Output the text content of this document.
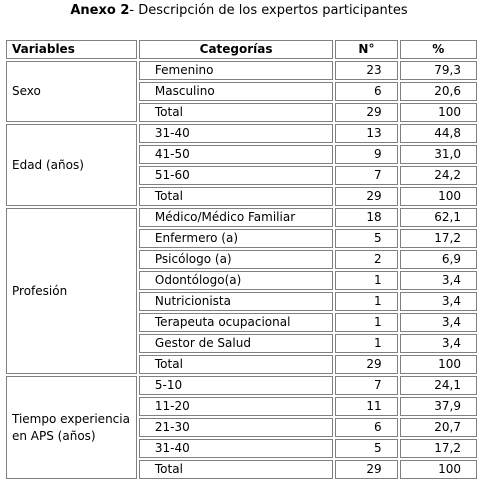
Anexo 2- Descripción de los expertos participantes
Variables	Categorías	N°	%
Sexo	Femenino	23	79,3
	Masculino	6	20,6
	Total	29	100
Edad (años)	31-40	13	44,8
	41-50	9	31,0
	51-60	7	24,2
	Total	29	100
Profesión	Médico/Médico Familiar	18	62,1
	Enfermero (a)	5	17,2
	Psicólogo (a)	2	6,9
	Odontólogo(a)	1	3,4
	Nutricionista	1	3,4
	Terapeuta ocupacional	1	3,4
	Gestor de Salud	1	3,4
	Total	29	100
Tiempo experiencia en APS (años)	5-10	7	24,1
	11-20	11	37,9
	21-30	6	20,7
	31-40	5	17,2
	Total	29	100
